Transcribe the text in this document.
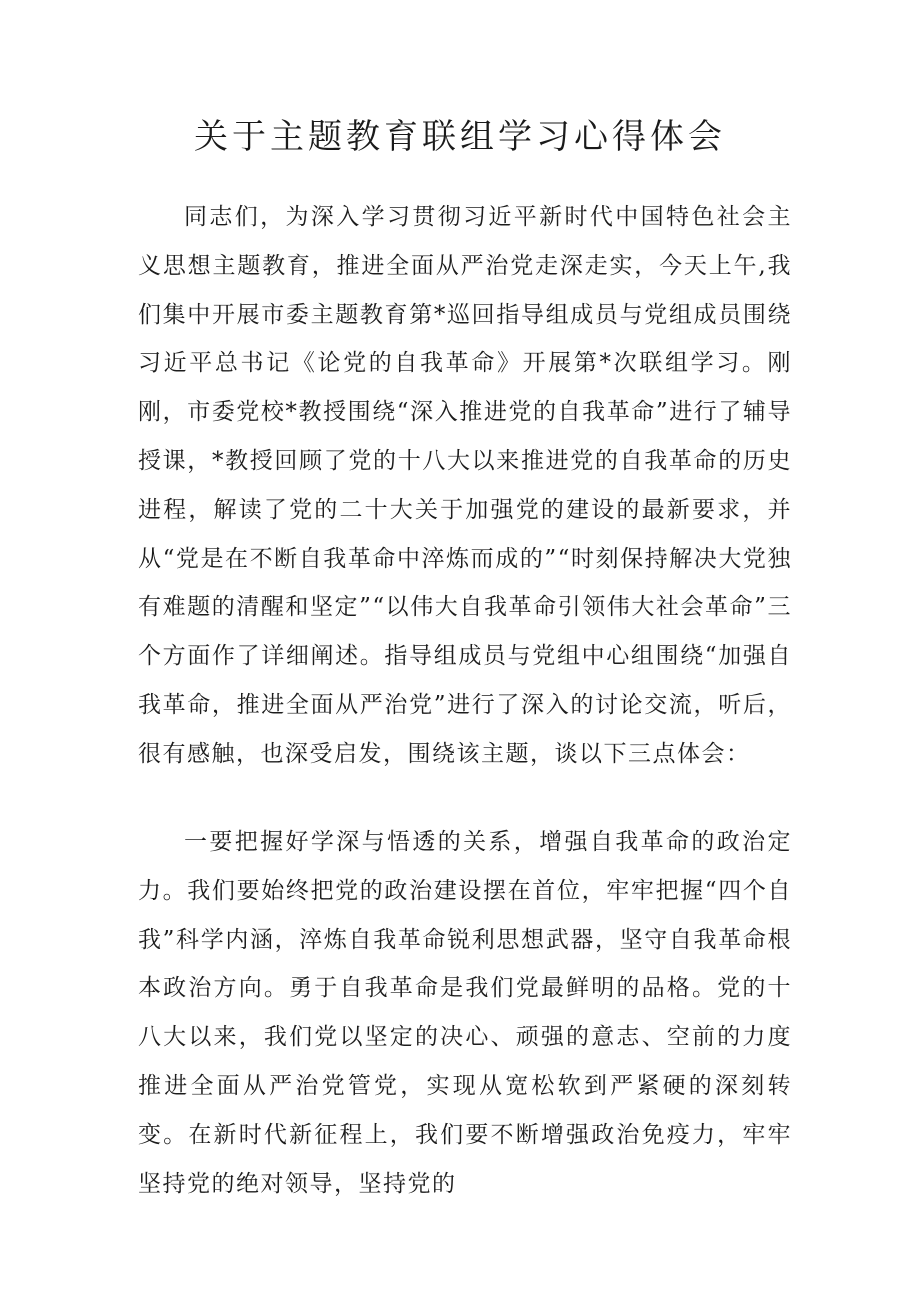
关于主题教育联组学习心得体会

同志们，为深入学习贯彻习近平新时代中国特色社会主义思想主题教育，推进全面从严治党走深走实，今天上午,我们集中开展市委主题教育第*巡回指导组成员与党组成员围绕习近平总书记《论党的自我革命》开展第*次联组学习。刚刚，市委党校*教授围绕“深入推进党的自我革命”进行了辅导授课，*教授回顾了党的十八大以来推进党的自我革命的历史进程，解读了党的二十大关于加强党的建设的最新要求，并从“党是在不断自我革命中淬炼而成的”“时刻保持解决大党独有难题的清醒和坚定”“以伟大自我革命引领伟大社会革命”三个方面作了详细阐述。指导组成员与党组中心组围绕“加强自我革命，推进全面从严治党”进行了深入的讨论交流，听后，很有感触，也深受启发，围绕该主题，谈以下三点体会：

一要把握好学深与悟透的关系，增强自我革命的政治定力。我们要始终把党的政治建设摆在首位，牢牢把握“四个自我”科学内涵，淬炼自我革命锐利思想武器，坚守自我革命根本政治方向。勇于自我革命是我们党最鲜明的品格。党的十八大以来，我们党以坚定的决心、顽强的意志、空前的力度推进全面从严治党管党，实现从宽松软到严紧硬的深刻转变。在新时代新征程上，我们要不断增强政治免疫力，牢牢坚持党的绝对领导，坚持党的
